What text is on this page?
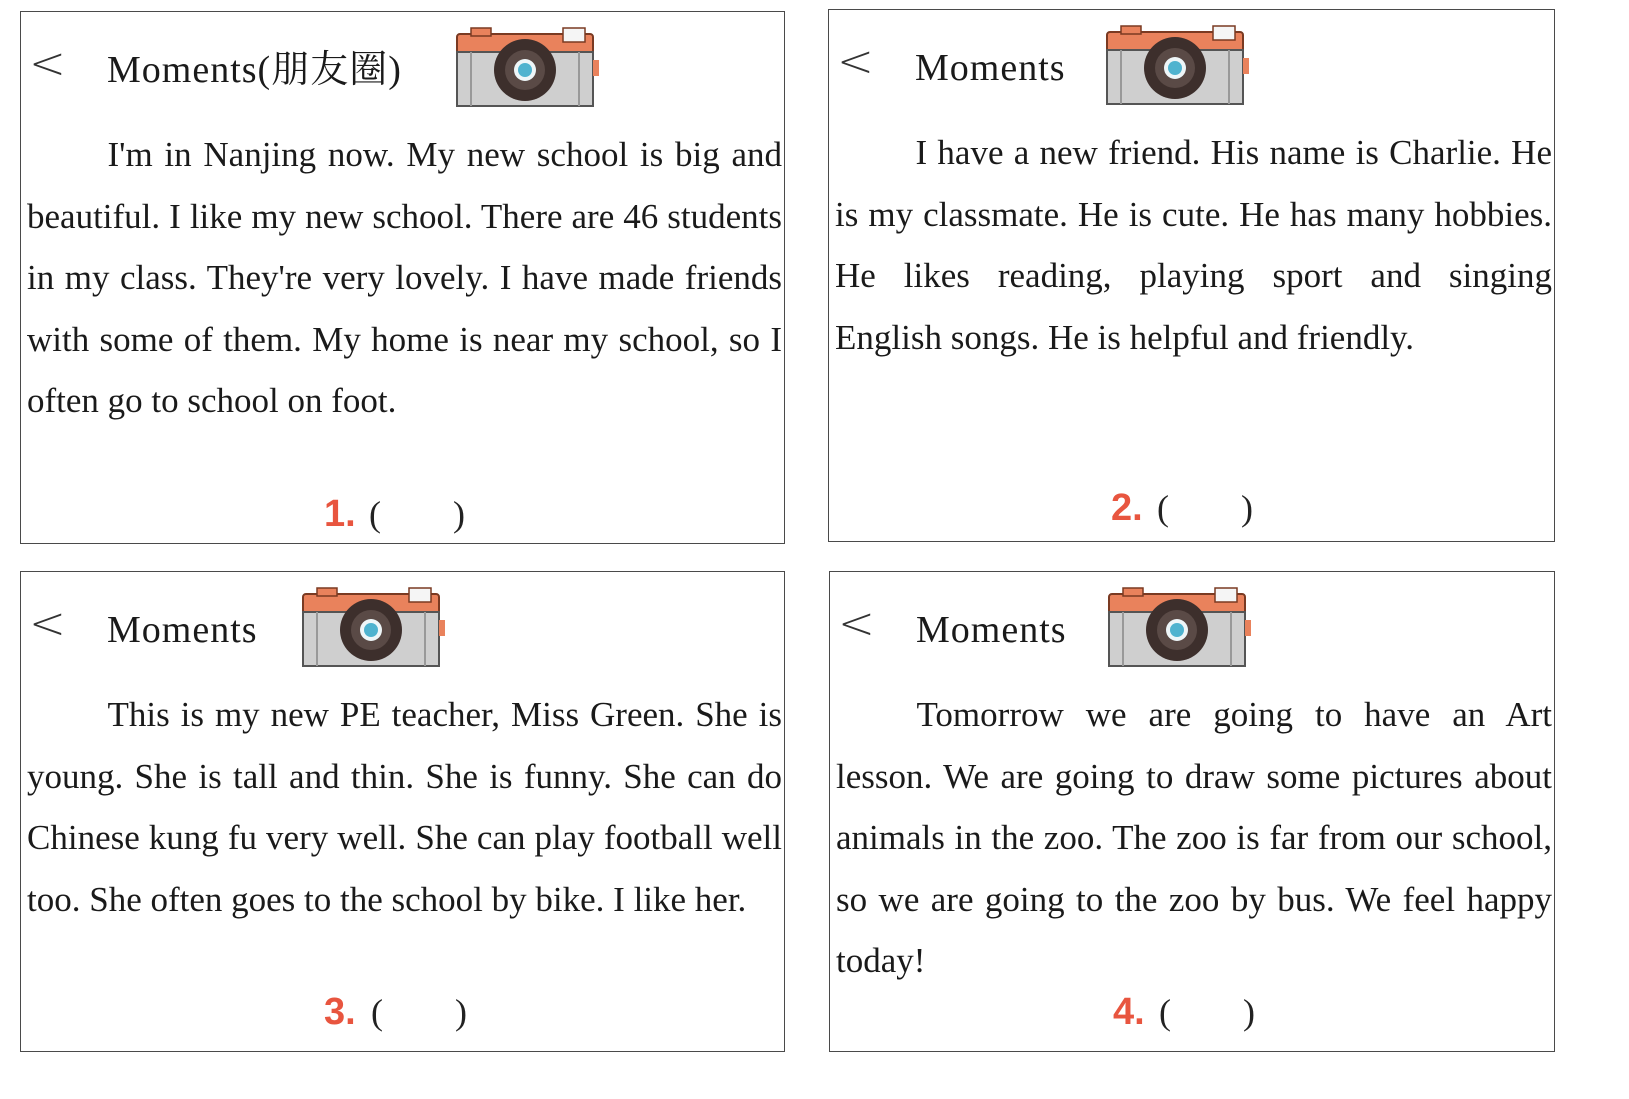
< Moments(朋友圈)

I'm in Nanjing now. My new school is big and beautiful. I like my new school. There are 46 students in my class. They're very lovely. I have made friends with some of them. My home is near my school, so I often go to school on foot.

1. (        )
< Moments

I have a new friend. His name is Charlie. He is my classmate. He is cute. He has many hobbies. He likes reading, playing sport and singing English songs. He is helpful and friendly.

2. (        )
< Moments

This is my new PE teacher, Miss Green. She is young. She is tall and thin. She is funny. She can do Chinese kung fu very well. She can play football well too. She often goes to the school by bike. I like her.

3. (        )
< Moments

Tomorrow we are going to have an Art lesson. We are going to draw some pictures about animals in the zoo. The zoo is far from our school, so we are going to the zoo by bus. We feel happy today!

4. (        )
